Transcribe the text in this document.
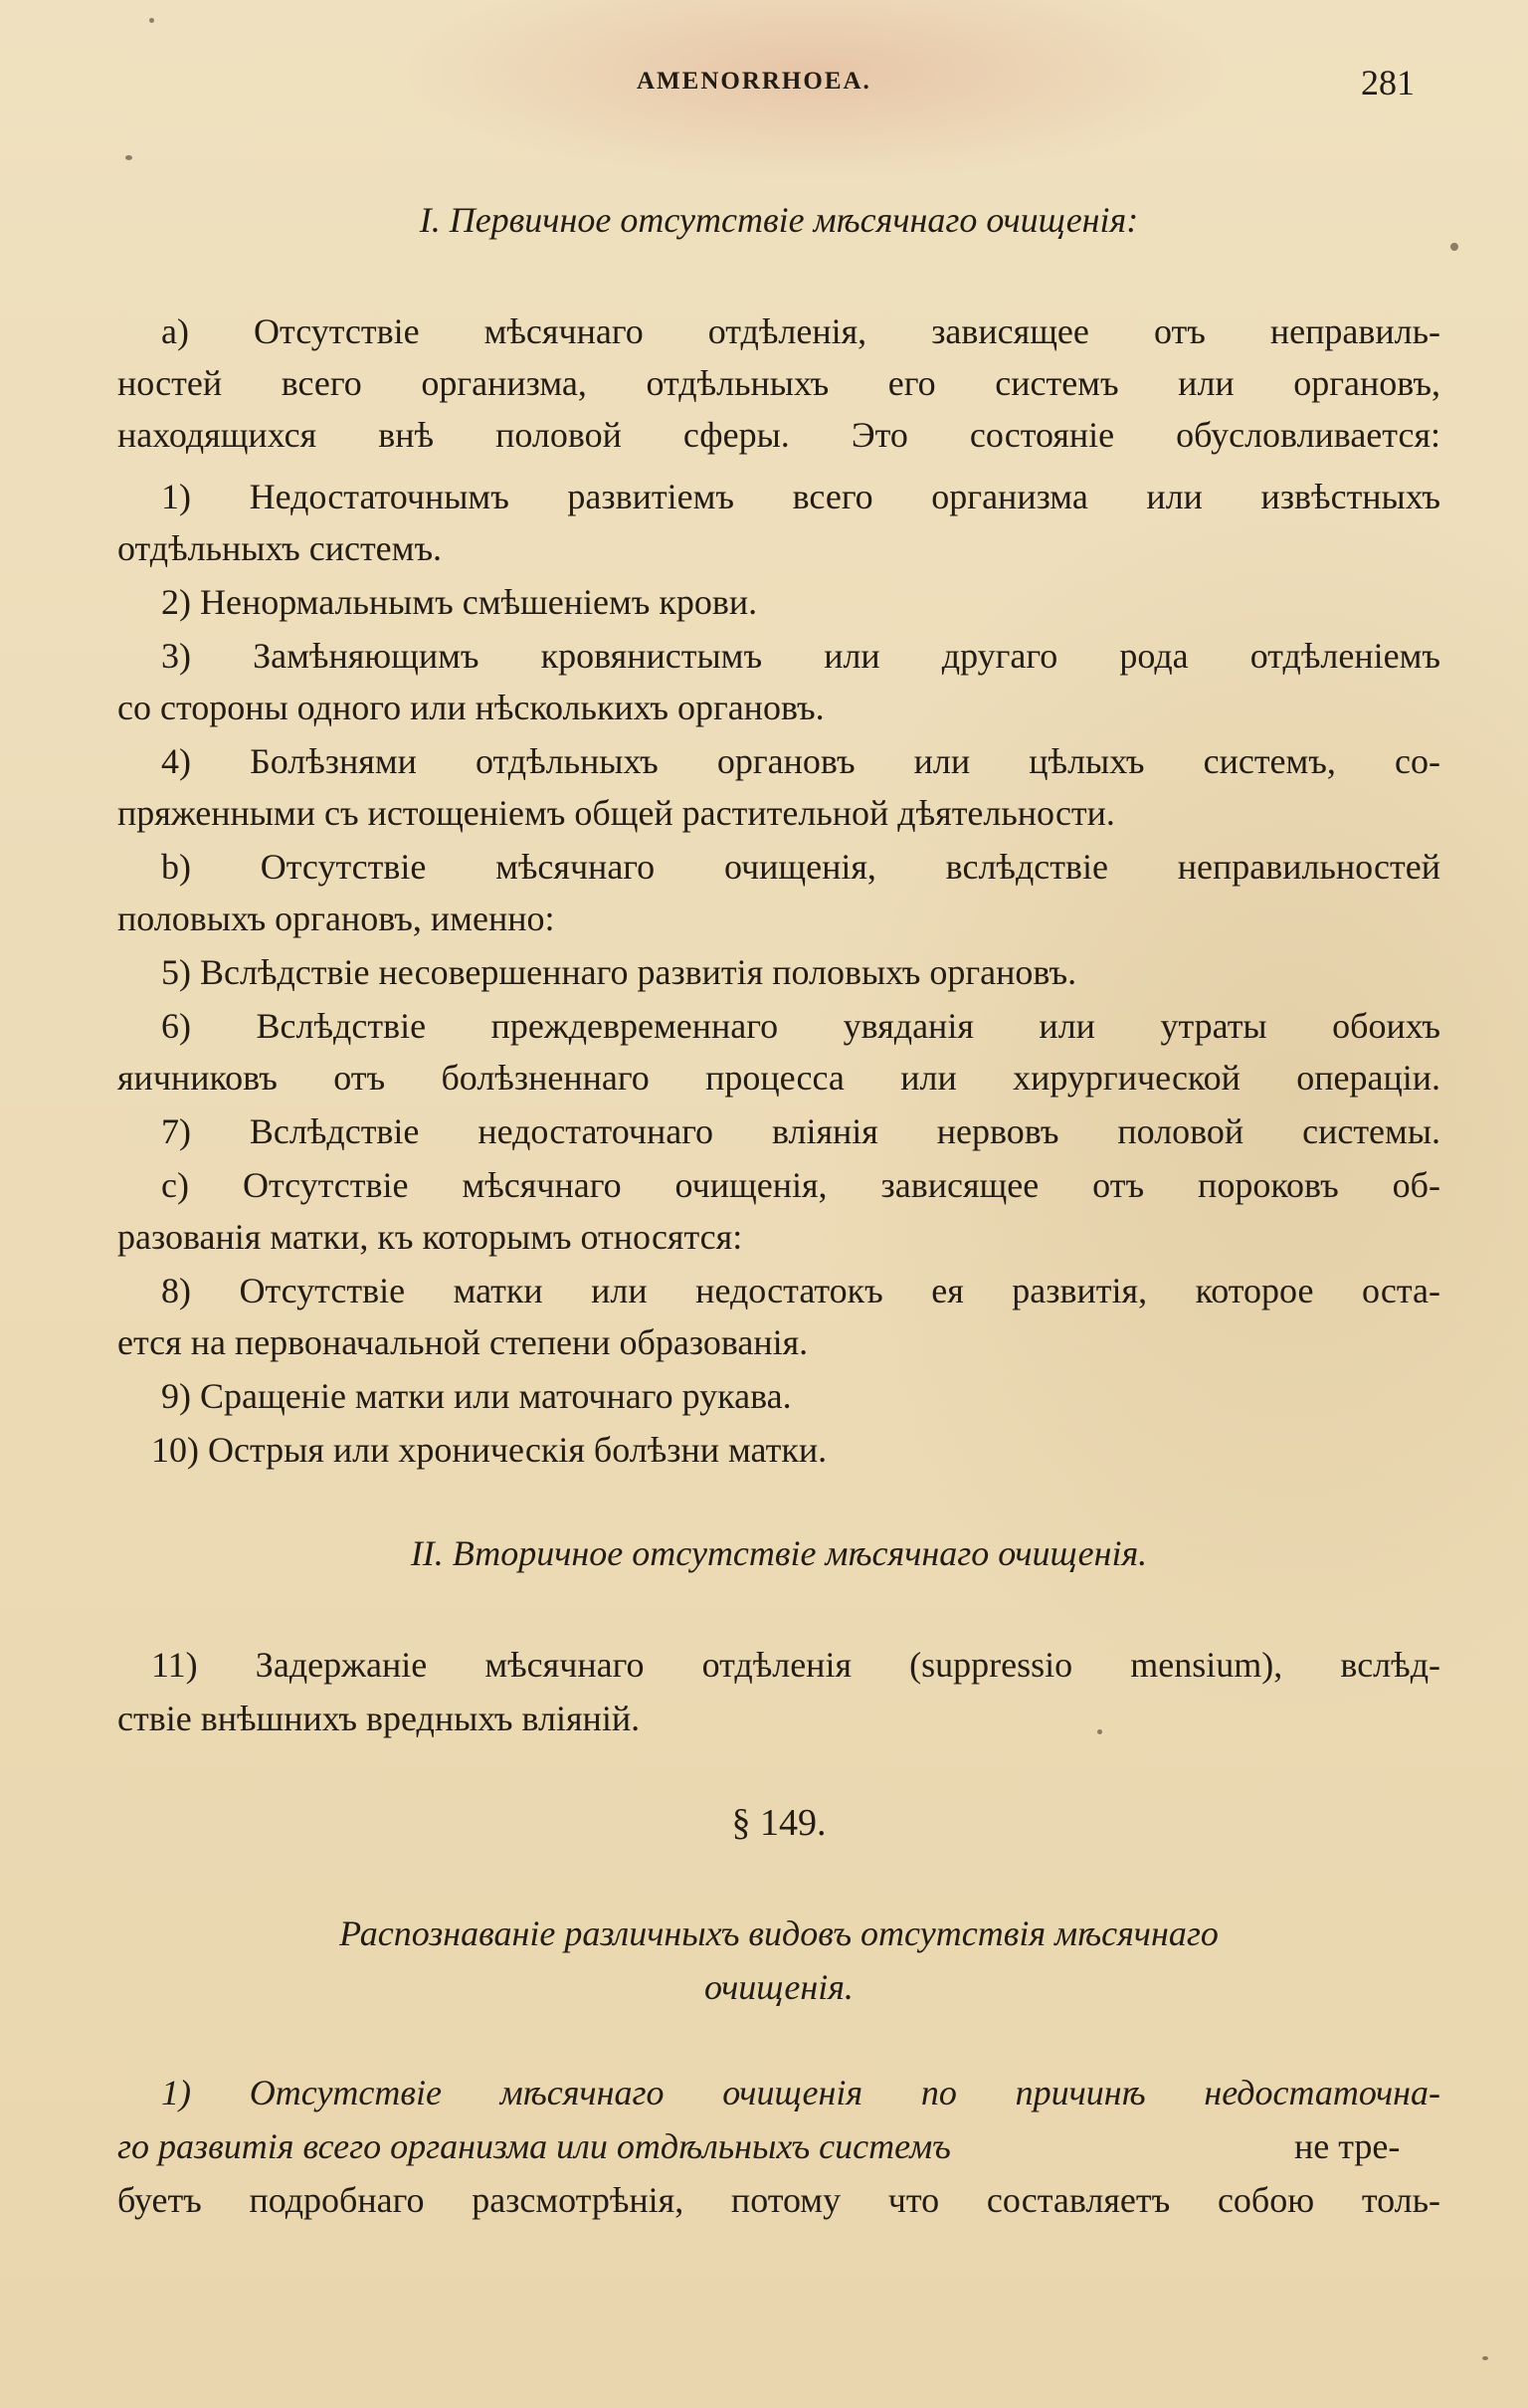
AMENORRHOEA.	281
I. Первичное отсутствіе мѣсячнаго очищенія:
a) Отсутствіе мѣсячнаго отдѣленія, зависящее отъ неправиль-
ностей всего организма, отдѣльныхъ его системъ или органовъ,
находящихся внѣ половой сферы. Это состояніе обусловливается:
1) Недостаточнымъ развитіемъ всего организма или извѣстныхъ
отдѣльныхъ системъ.
2) Ненормальнымъ смѣшеніемъ крови.
3) Замѣняющимъ кровянистымъ или другаго рода отдѣленіемъ
со стороны одного или нѣсколькихъ органовъ.
4) Болѣзнями отдѣльныхъ органовъ или цѣлыхъ системъ, со-
пряженными съ истощеніемъ общей растительной дѣятельности.
b) Отсутствіе мѣсячнаго очищенія, вслѣдствіе неправильностей
половыхъ органовъ, именно:
5) Вслѣдствіе несовершеннаго развитія половыхъ органовъ.
6) Вслѣдствіе преждевременнаго увяданія или утраты обоихъ
яичниковъ отъ болѣзненнаго процесса или хирургической операціи.
7) Вслѣдствіе недостаточнаго вліянія нервовъ половой системы.
c) Отсутствіе мѣсячнаго очищенія, зависящее отъ пороковъ об-
разованія матки, къ которымъ относятся:
8) Отсутствіе матки или недостатокъ ея развитія, которое оста-
ется на первоначальной степени образованія.
9) Сращеніе матки или маточнаго рукава.
10) Острыя или хроническія болѣзни матки.
II. Вторичное отсутствіе мѣсячнаго очищенія.
11) Задержаніе мѣсячнаго отдѣленія (suppressio mensium), вслѣд-
ствіе внѣшнихъ вредныхъ вліяній.
§ 149.
Распознаваніе различныхъ видовъ отсутствія мѣсячнаго
очищенія.
1) Отсутствіе мѣсячнаго очищенія по причинѣ недостаточна-
го развитія всего организма или отдѣльныхъ системъ	не тре-
буетъ подробнаго разсмотрѣнія, потому что составляетъ собою толь-
